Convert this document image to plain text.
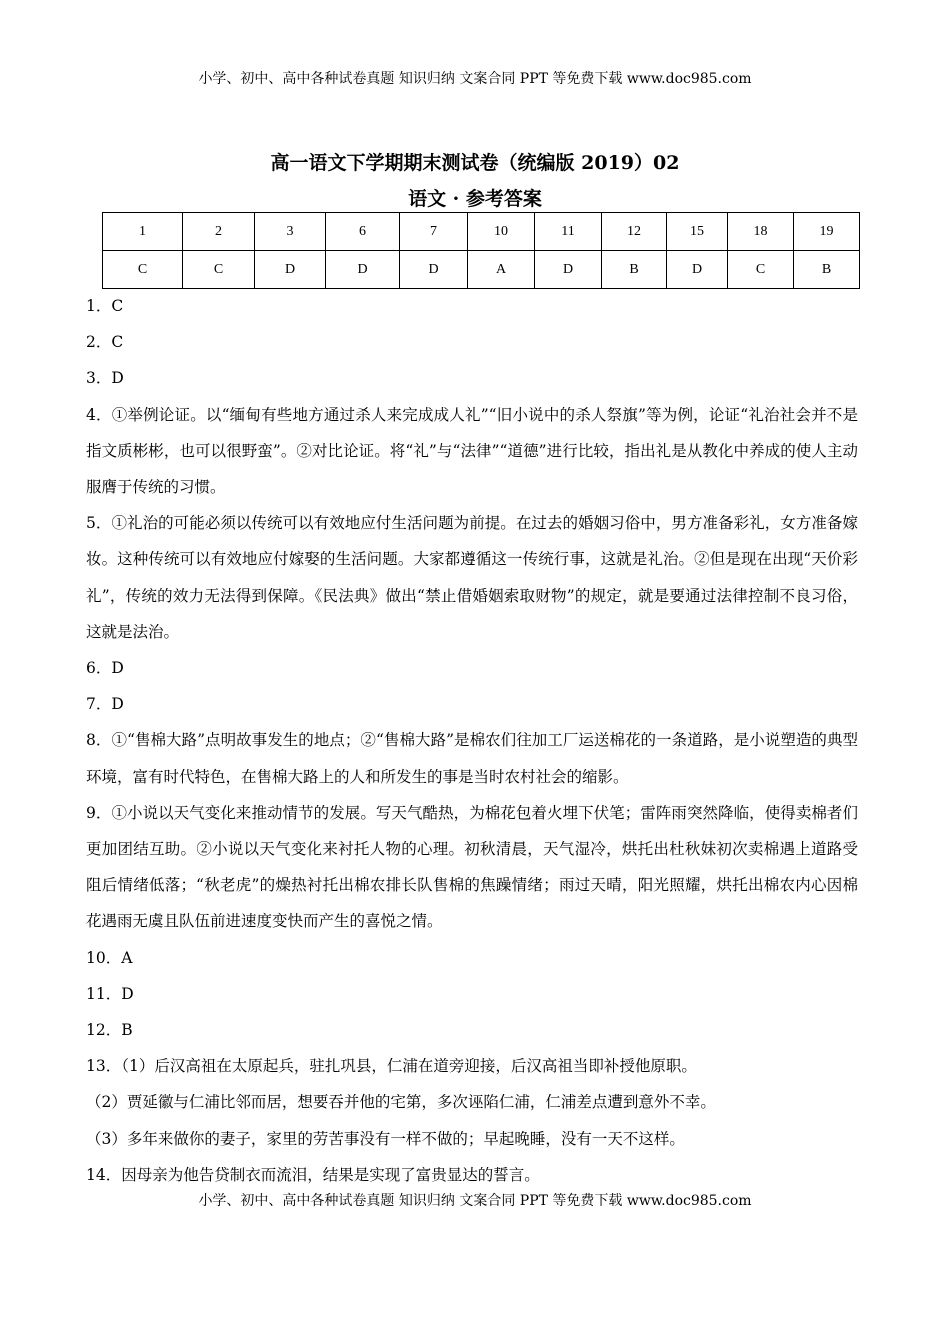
小学、初中、高中各种试卷真题 知识归纳 文案合同 PPT 等免费下载 www.doc985.com
高一语文下学期期末测试卷（统编版 2019）02
语文 · 参考答案
1	2	3	6	7	10	11	12	15	18	19
C	C	D	D	D	A	D	B	D	C	B

1．C

2．C

3．D

4．①举例论证。以“缅甸有些地方通过杀人来完成成人礼”“旧小说中的杀人祭旗”等为例，论证“礼治社会并不是指文质彬彬，也可以很野蛮”。②对比论证。将“礼”与“法律”“道德”进行比较，指出礼是从教化中养成的使人主动服膺于传统的习惯。

5．①礼治的可能必须以传统可以有效地应付生活问题为前提。在过去的婚姻习俗中，男方准备彩礼，女方准备嫁妆。这种传统可以有效地应付嫁娶的生活问题。大家都遵循这一传统行事，这就是礼治。②但是现在出现“天价彩礼”，传统的效力无法得到保障。《民法典》做出“禁止借婚姻索取财物”的规定，就是要通过法律控制不良习俗，这就是法治。

6．D

7．D

8．①“售棉大路”点明故事发生的地点；②“售棉大路”是棉农们往加工厂运送棉花的一条道路，是小说塑造的典型环境，富有时代特色，在售棉大路上的人和所发生的事是当时农村社会的缩影。

9．①小说以天气变化来推动情节的发展。写天气酷热，为棉花包着火埋下伏笔；雷阵雨突然降临，使得卖棉者们更加团结互助。②小说以天气变化来衬托人物的心理。初秋清晨，天气湿冷，烘托出杜秋妹初次卖棉遇上道路受阻后情绪低落；“秋老虎”的燥热衬托出棉农排长队售棉的焦躁情绪；雨过天晴，阳光照耀，烘托出棉农内心因棉花遇雨无虞且队伍前进速度变快而产生的喜悦之情。

10．A

11．D

12．B

13．（1）后汉高祖在太原起兵，驻扎巩县，仁浦在道旁迎接，后汉高祖当即补授他原职。

（2）贾延徽与仁浦比邻而居，想要吞并他的宅第，多次诬陷仁浦，仁浦差点遭到意外不幸。

（3）多年来做你的妻子，家里的劳苦事没有一样不做的；早起晚睡，没有一天不这样。

14．因母亲为他告贷制衣而流泪，结果是实现了富贵显达的誓言。

小学、初中、高中各种试卷真题 知识归纳 文案合同 PPT 等免费下载 www.doc985.com
